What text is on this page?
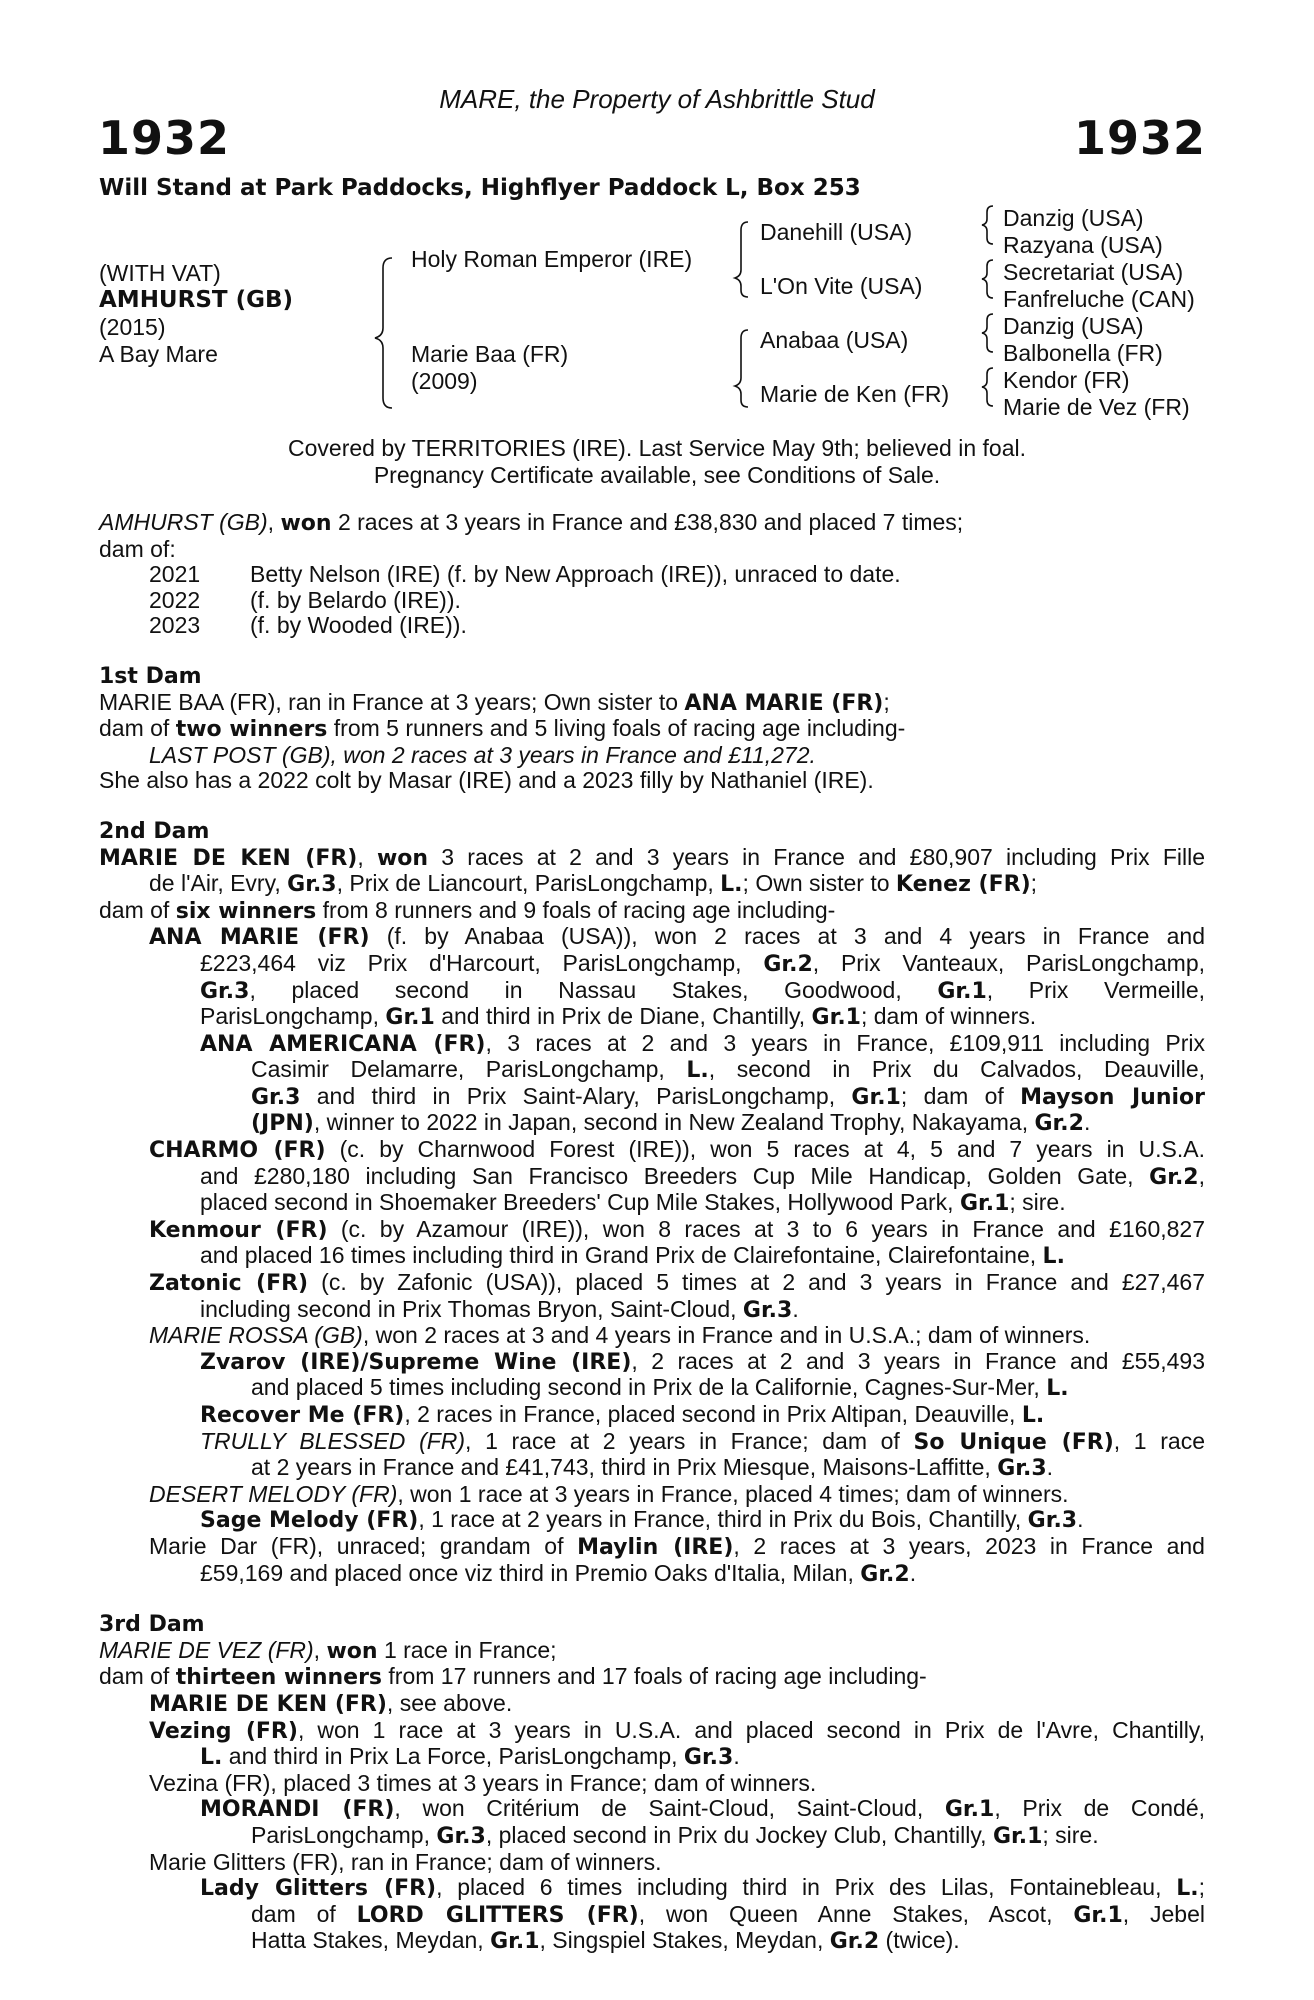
MARE, the Property of Ashbrittle Stud
1932	1932
Will Stand at Park Paddocks, Highflyer Paddock L, Box 253
(WITH VAT)
AMHURST (GB)
(2015)
A Bay Mare
Holy Roman Emperor (IRE)
Marie Baa (FR)
(2009)
Danehill (USA)
L'On Vite (USA)
Anabaa (USA)
Marie de Ken (FR)
Danzig (USA)
Razyana (USA)
Secretariat (USA)
Fanfreluche (CAN)
Danzig (USA)
Balbonella (FR)
Kendor (FR)
Marie de Vez (FR)
Covered by TERRITORIES (IRE). Last Service May 9th; believed in foal.
Pregnancy Certificate available, see Conditions of Sale.
AMHURST (GB), won 2 races at 3 years in France and £38,830 and placed 7 times;
dam of:
2021 Betty Nelson (IRE) (f. by New Approach (IRE)), unraced to date.
2022 (f. by Belardo (IRE)).
2023 (f. by Wooded (IRE)).
1st Dam
MARIE BAA (FR), ran in France at 3 years; Own sister to ANA MARIE (FR);
dam of two winners from 5 runners and 5 living foals of racing age including-
LAST POST (GB), won 2 races at 3 years in France and £11,272.
She also has a 2022 colt by Masar (IRE) and a 2023 filly by Nathaniel (IRE).
2nd Dam
MARIE DE KEN (FR), won 3 races at 2 and 3 years in France and £80,907 including Prix Fille
de l'Air, Evry, Gr.3, Prix de Liancourt, ParisLongchamp, L.; Own sister to Kenez (FR);
dam of six winners from 8 runners and 9 foals of racing age including-
ANA MARIE (FR) (f. by Anabaa (USA)), won 2 races at 3 and 4 years in France and
£223,464 viz Prix d'Harcourt, ParisLongchamp, Gr.2, Prix Vanteaux, ParisLongchamp,
Gr.3, placed second in Nassau Stakes, Goodwood, Gr.1, Prix Vermeille,
ParisLongchamp, Gr.1 and third in Prix de Diane, Chantilly, Gr.1; dam of winners.
ANA AMERICANA (FR), 3 races at 2 and 3 years in France, £109,911 including Prix
Casimir Delamarre, ParisLongchamp, L., second in Prix du Calvados, Deauville,
Gr.3 and third in Prix Saint-Alary, ParisLongchamp, Gr.1; dam of Mayson Junior
(JPN), winner to 2022 in Japan, second in New Zealand Trophy, Nakayama, Gr.2.
CHARMO (FR) (c. by Charnwood Forest (IRE)), won 5 races at 4, 5 and 7 years in U.S.A.
and £280,180 including San Francisco Breeders Cup Mile Handicap, Golden Gate, Gr.2,
placed second in Shoemaker Breeders' Cup Mile Stakes, Hollywood Park, Gr.1; sire.
Kenmour (FR) (c. by Azamour (IRE)), won 8 races at 3 to 6 years in France and £160,827
and placed 16 times including third in Grand Prix de Clairefontaine, Clairefontaine, L.
Zatonic (FR) (c. by Zafonic (USA)), placed 5 times at 2 and 3 years in France and £27,467
including second in Prix Thomas Bryon, Saint-Cloud, Gr.3.
MARIE ROSSA (GB), won 2 races at 3 and 4 years in France and in U.S.A.; dam of winners.
Zvarov (IRE)/Supreme Wine (IRE), 2 races at 2 and 3 years in France and £55,493
and placed 5 times including second in Prix de la Californie, Cagnes-Sur-Mer, L.
Recover Me (FR), 2 races in France, placed second in Prix Altipan, Deauville, L.
TRULLY BLESSED (FR), 1 race at 2 years in France; dam of So Unique (FR), 1 race
at 2 years in France and £41,743, third in Prix Miesque, Maisons-Laffitte, Gr.3.
DESERT MELODY (FR), won 1 race at 3 years in France, placed 4 times; dam of winners.
Sage Melody (FR), 1 race at 2 years in France, third in Prix du Bois, Chantilly, Gr.3.
Marie Dar (FR), unraced; grandam of Maylin (IRE), 2 races at 3 years, 2023 in France and
£59,169 and placed once viz third in Premio Oaks d'Italia, Milan, Gr.2.
3rd Dam
MARIE DE VEZ (FR), won 1 race in France;
dam of thirteen winners from 17 runners and 17 foals of racing age including-
MARIE DE KEN (FR), see above.
Vezing (FR), won 1 race at 3 years in U.S.A. and placed second in Prix de l'Avre, Chantilly,
L. and third in Prix La Force, ParisLongchamp, Gr.3.
Vezina (FR), placed 3 times at 3 years in France; dam of winners.
MORANDI (FR), won Critérium de Saint-Cloud, Saint-Cloud, Gr.1, Prix de Condé,
ParisLongchamp, Gr.3, placed second in Prix du Jockey Club, Chantilly, Gr.1; sire.
Marie Glitters (FR), ran in France; dam of winners.
Lady Glitters (FR), placed 6 times including third in Prix des Lilas, Fontainebleau, L.;
dam of LORD GLITTERS (FR), won Queen Anne Stakes, Ascot, Gr.1, Jebel
Hatta Stakes, Meydan, Gr.1, Singspiel Stakes, Meydan, Gr.2 (twice).
